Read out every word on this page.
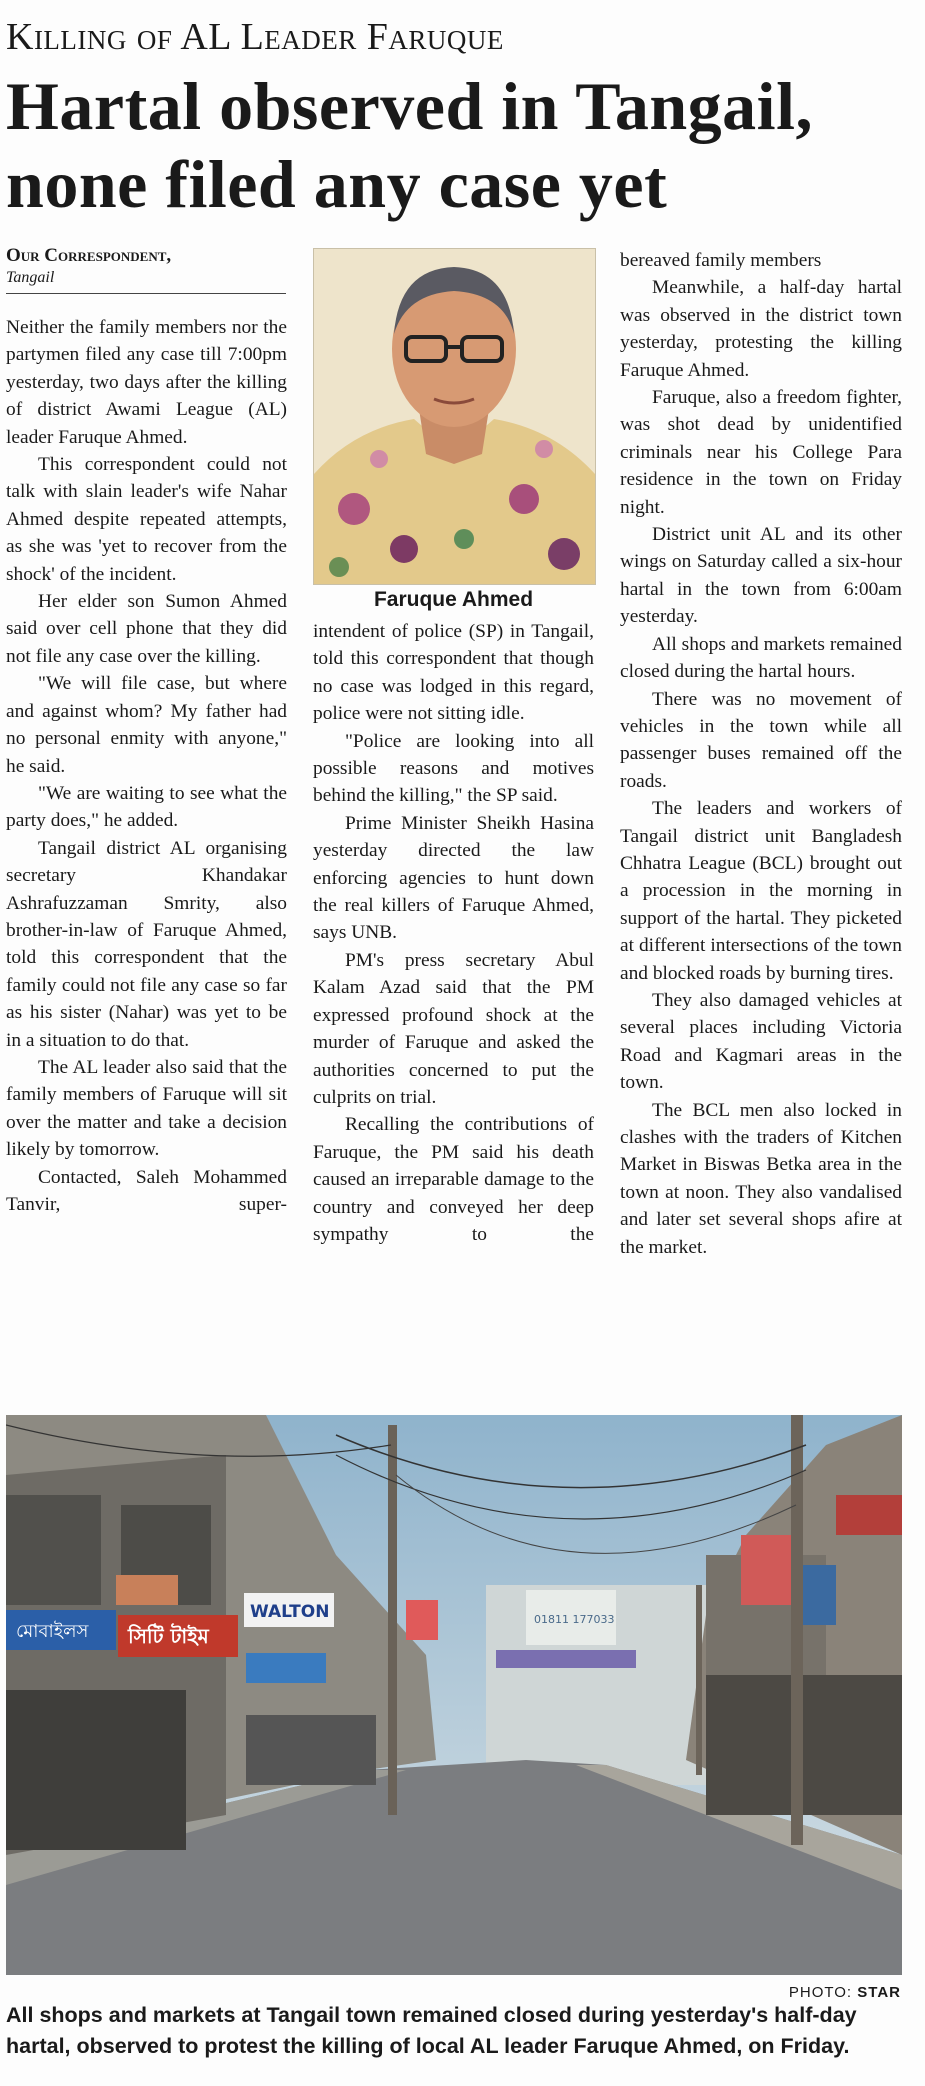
Killing of AL Leader Faruque
Hartal observed in Tangail,
none filed any case yet
Our Correspondent,
Tangail

Neither the family members nor the partymen filed any case till 7:00pm yesterday, two days after the killing of district Awami League (AL) leader Faruque Ahmed.

This correspondent could not talk with slain leader's wife Nahar Ahmed despite repeated attempts, as she was 'yet to recover from the shock' of the incident.

Her elder son Sumon Ahmed said over cell phone that they did not file any case over the killing.

"We will file case, but where and against whom? My father had no personal enmity with anyone," he said.

"We are waiting to see what the party does," he added.

Tangail district AL organising secretary Khandakar Ashrafuzzaman Smrity, also brother-in-law of Faruque Ahmed, told this correspondent that the family could not file any case so far as his sister (Nahar) was yet to be in a situation to do that.

The AL leader also said that the family members of Faruque will sit over the matter and take a decision likely by tomorrow.

Contacted, Saleh Mohammed Tanvir, super-

Faruque Ahmed

intendent of police (SP) in Tangail, told this correspondent that though no case was lodged in this regard, police were not sitting idle.

"Police are looking into all possible reasons and motives behind the killing," the SP said.

Prime Minister Sheikh Hasina yesterday directed the law enforcing agencies to hunt down the real killers of Faruque Ahmed, says UNB.

PM's press secretary Abul Kalam Azad said that the PM expressed profound shock at the murder of Faruque and asked the authorities concerned to put the culprits on trial.

Recalling the contributions of Faruque, the PM said his death caused an irreparable damage to the country and conveyed her deep sympathy to the

bereaved family members

Meanwhile, a half-day hartal was observed in the district town yesterday, protesting the killing Faruque Ahmed.

Faruque, also a freedom fighter, was shot dead by unidentified criminals near his College Para residence in the town on Friday night.

District unit AL and its other wings on Saturday called a six-hour hartal in the town from 6:00am yesterday.

All shops and markets remained closed during the hartal hours.

There was no movement of vehicles in the town while all passenger buses remained off the roads.

The leaders and workers of Tangail district unit Bangladesh Chhatra League (BCL) brought out a procession in the morning in support of the hartal. They picketed at different intersections of the town and blocked roads by burning tires.

They also damaged vehicles at several places including Victoria Road and Kagmari areas in the town.

The BCL men also locked in clashes with the traders of Kitchen Market in Biswas Betka area in the town at noon. They also vandalised and later set several shops afire at the market.

মোবাইলস সিটি টাইম
WALTON	01811 177033
PHOTO: STAR
All shops and markets at Tangail town remained closed during yesterday's half-day
hartal, observed to protest the killing of local AL leader Faruque Ahmed, on Friday.
